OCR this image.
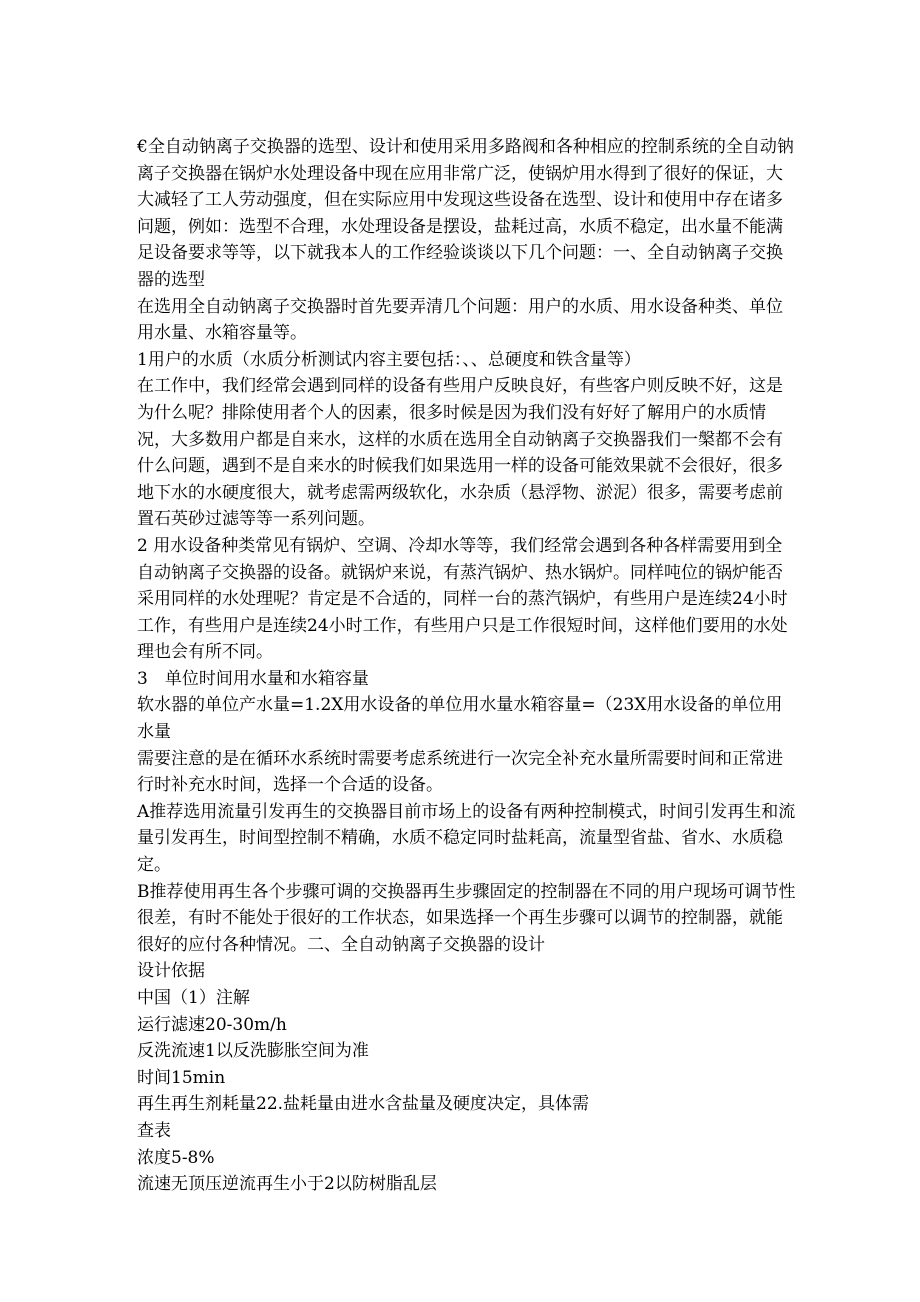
€全自动钠离子交换器的选型、设计和使用采用多路阀和各种相应的控制系统的全自动钠离子交换器在锅炉水处理设备中现在应用非常广泛，使锅炉用水得到了很好的保证，大大减轻了工人劳动强度，但在实际应用中发现这些设备在选型、设计和使用中存在诸多问题，例如：选型不合理，水处理设备是摆设，盐耗过高，水质不稳定，出水量不能满足设备要求等等，以下就我本人的工作经验谈谈以下几个问题：一、全自动钠离子交换器的选型

在选用全自动钠离子交换器时首先要弄清几个问题：用户的水质、用水设备种类、单位用水量、水箱容量等。

1用户的水质（水质分析测试内容主要包括：、、总硬度和铁含量等）

在工作中，我们经常会遇到同样的设备有些用户反映良好，有些客户则反映不好，这是为什么呢？排除使用者个人的因素，很多时候是因为我们没有好好了解用户的水质情况，大多数用户都是自来水，这样的水质在选用全自动钠离子交换器我们一槃都不会有什么问题，遇到不是自来水的时候我们如果选用一样的设备可能效果就不会很好，很多地下水的水硬度很大，就考虑需两级软化，水杂质（悬浮物、淤泥）很多，需要考虑前置石英砂过滤等等一系列问题。

2 用水设备种类常见有锅炉、空调、冷却水等等，我们经常会遇到各种各样需要用到全自动钠离子交换器的设备。就锅炉来说，有蒸汽锅炉、热水锅炉。同样吨位的锅炉能否采用同样的水处理呢？肯定是不合适的，同样一台的蒸汽锅炉，有些用户是连续24小时工作，有些用户是连续24小时工作，有些用户只是工作很短时间，这样他们要用的水处理也会有所不同。

3　单位时间用水量和水箱容量

软水器的单位产水量=1.2X用水设备的单位用水量水箱容量=（23X用水设备的单位用水量

需要注意的是在循环水系统时需要考虑系统进行一次完全补充水量所需要时间和正常进行时补充水时间，选择一个合适的设备。

A推荐选用流量引发再生的交换器目前市场上的设备有两种控制模式，时间引发再生和流量引发再生，时间型控制不精确，水质不稳定同时盐耗高，流量型省盐、省水、水质稳定。

B推荐使用再生各个步骤可调的交换器再生步骤固定的控制器在不同的用户现场可调节性很差，有时不能处于很好的工作状态，如果选择一个再生步骤可以调节的控制器，就能很好的应付各种情况。二、全自动钠离子交换器的设计

设计依据

中国（1）注解

运行滤速20-30m/h

反洗流速1以反洗膨胀空间为准

时间15min

再生再生剂耗量22.盐耗量由进水含盐量及硬度决定，具体需

查表

浓度5-8%

流速无顶压逆流再生小于2以防树脂乱层
